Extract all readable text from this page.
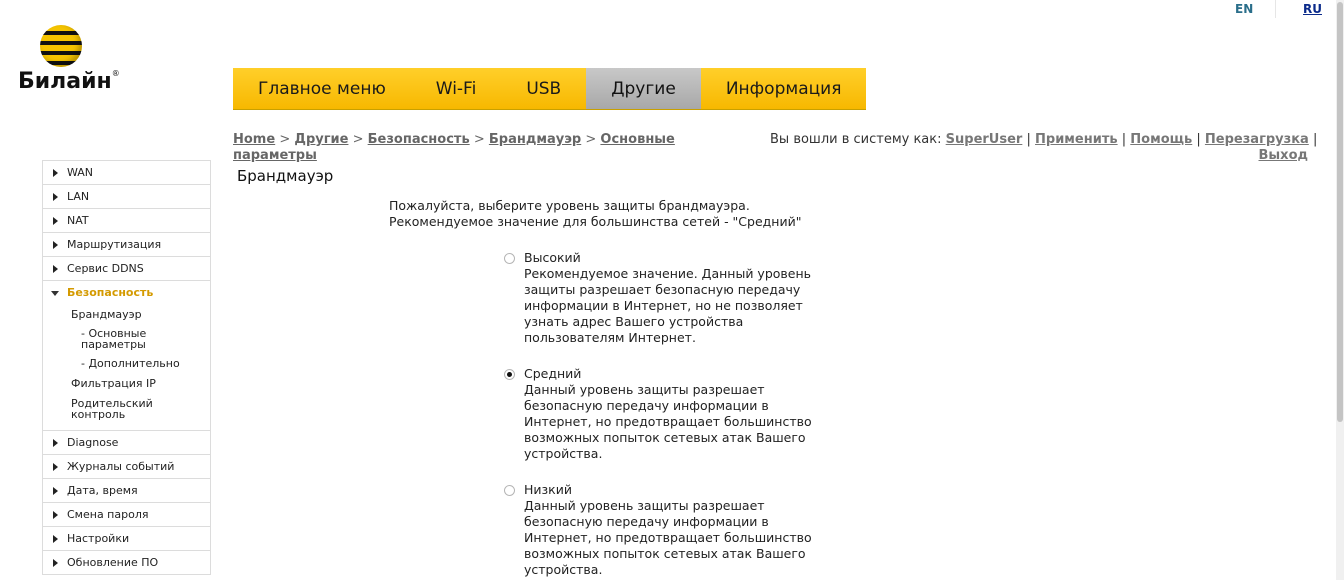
EN	RU
Билайн®
Главное меню	Wi-Fi	USB	Другие	Информация
Home > Другие > Безопасность > Брандмауэр > Основные параметры
Вы вошли в систему как: SuperUser | Применить | Помощь | Перезагрузка |
Выход
Брандмауэр
WAN
LAN
NAT
Маршрутизация
Сервис DDNS
Безопасность
Брандмауэр
- Основные параметры
- Дополнительно
Фильтрация IP
Родительский контроль
Diagnose
Журналы событий
Дата, время
Смена пароля
Настройки
Обновление ПО
Пожалуйста, выберите уровень защиты брандмауэра.
Рекомендуемое значение для большинства сетей - "Средний"
Высокий
Рекомендуемое значение. Данный уровень защиты разрешает безопасную передачу информации в Интернет, но не позволяет узнать адрес Вашего устройства пользователям Интернет.
Средний
Данный уровень защиты разрешает безопасную передачу информации в Интернет, но предотвращает большинство возможных попыток сетевых атак Вашего устройства.
Низкий
Данный уровень защиты разрешает безопасную передачу информации в Интернет, но предотвращает большинство возможных попыток сетевых атак Вашего устройства.
